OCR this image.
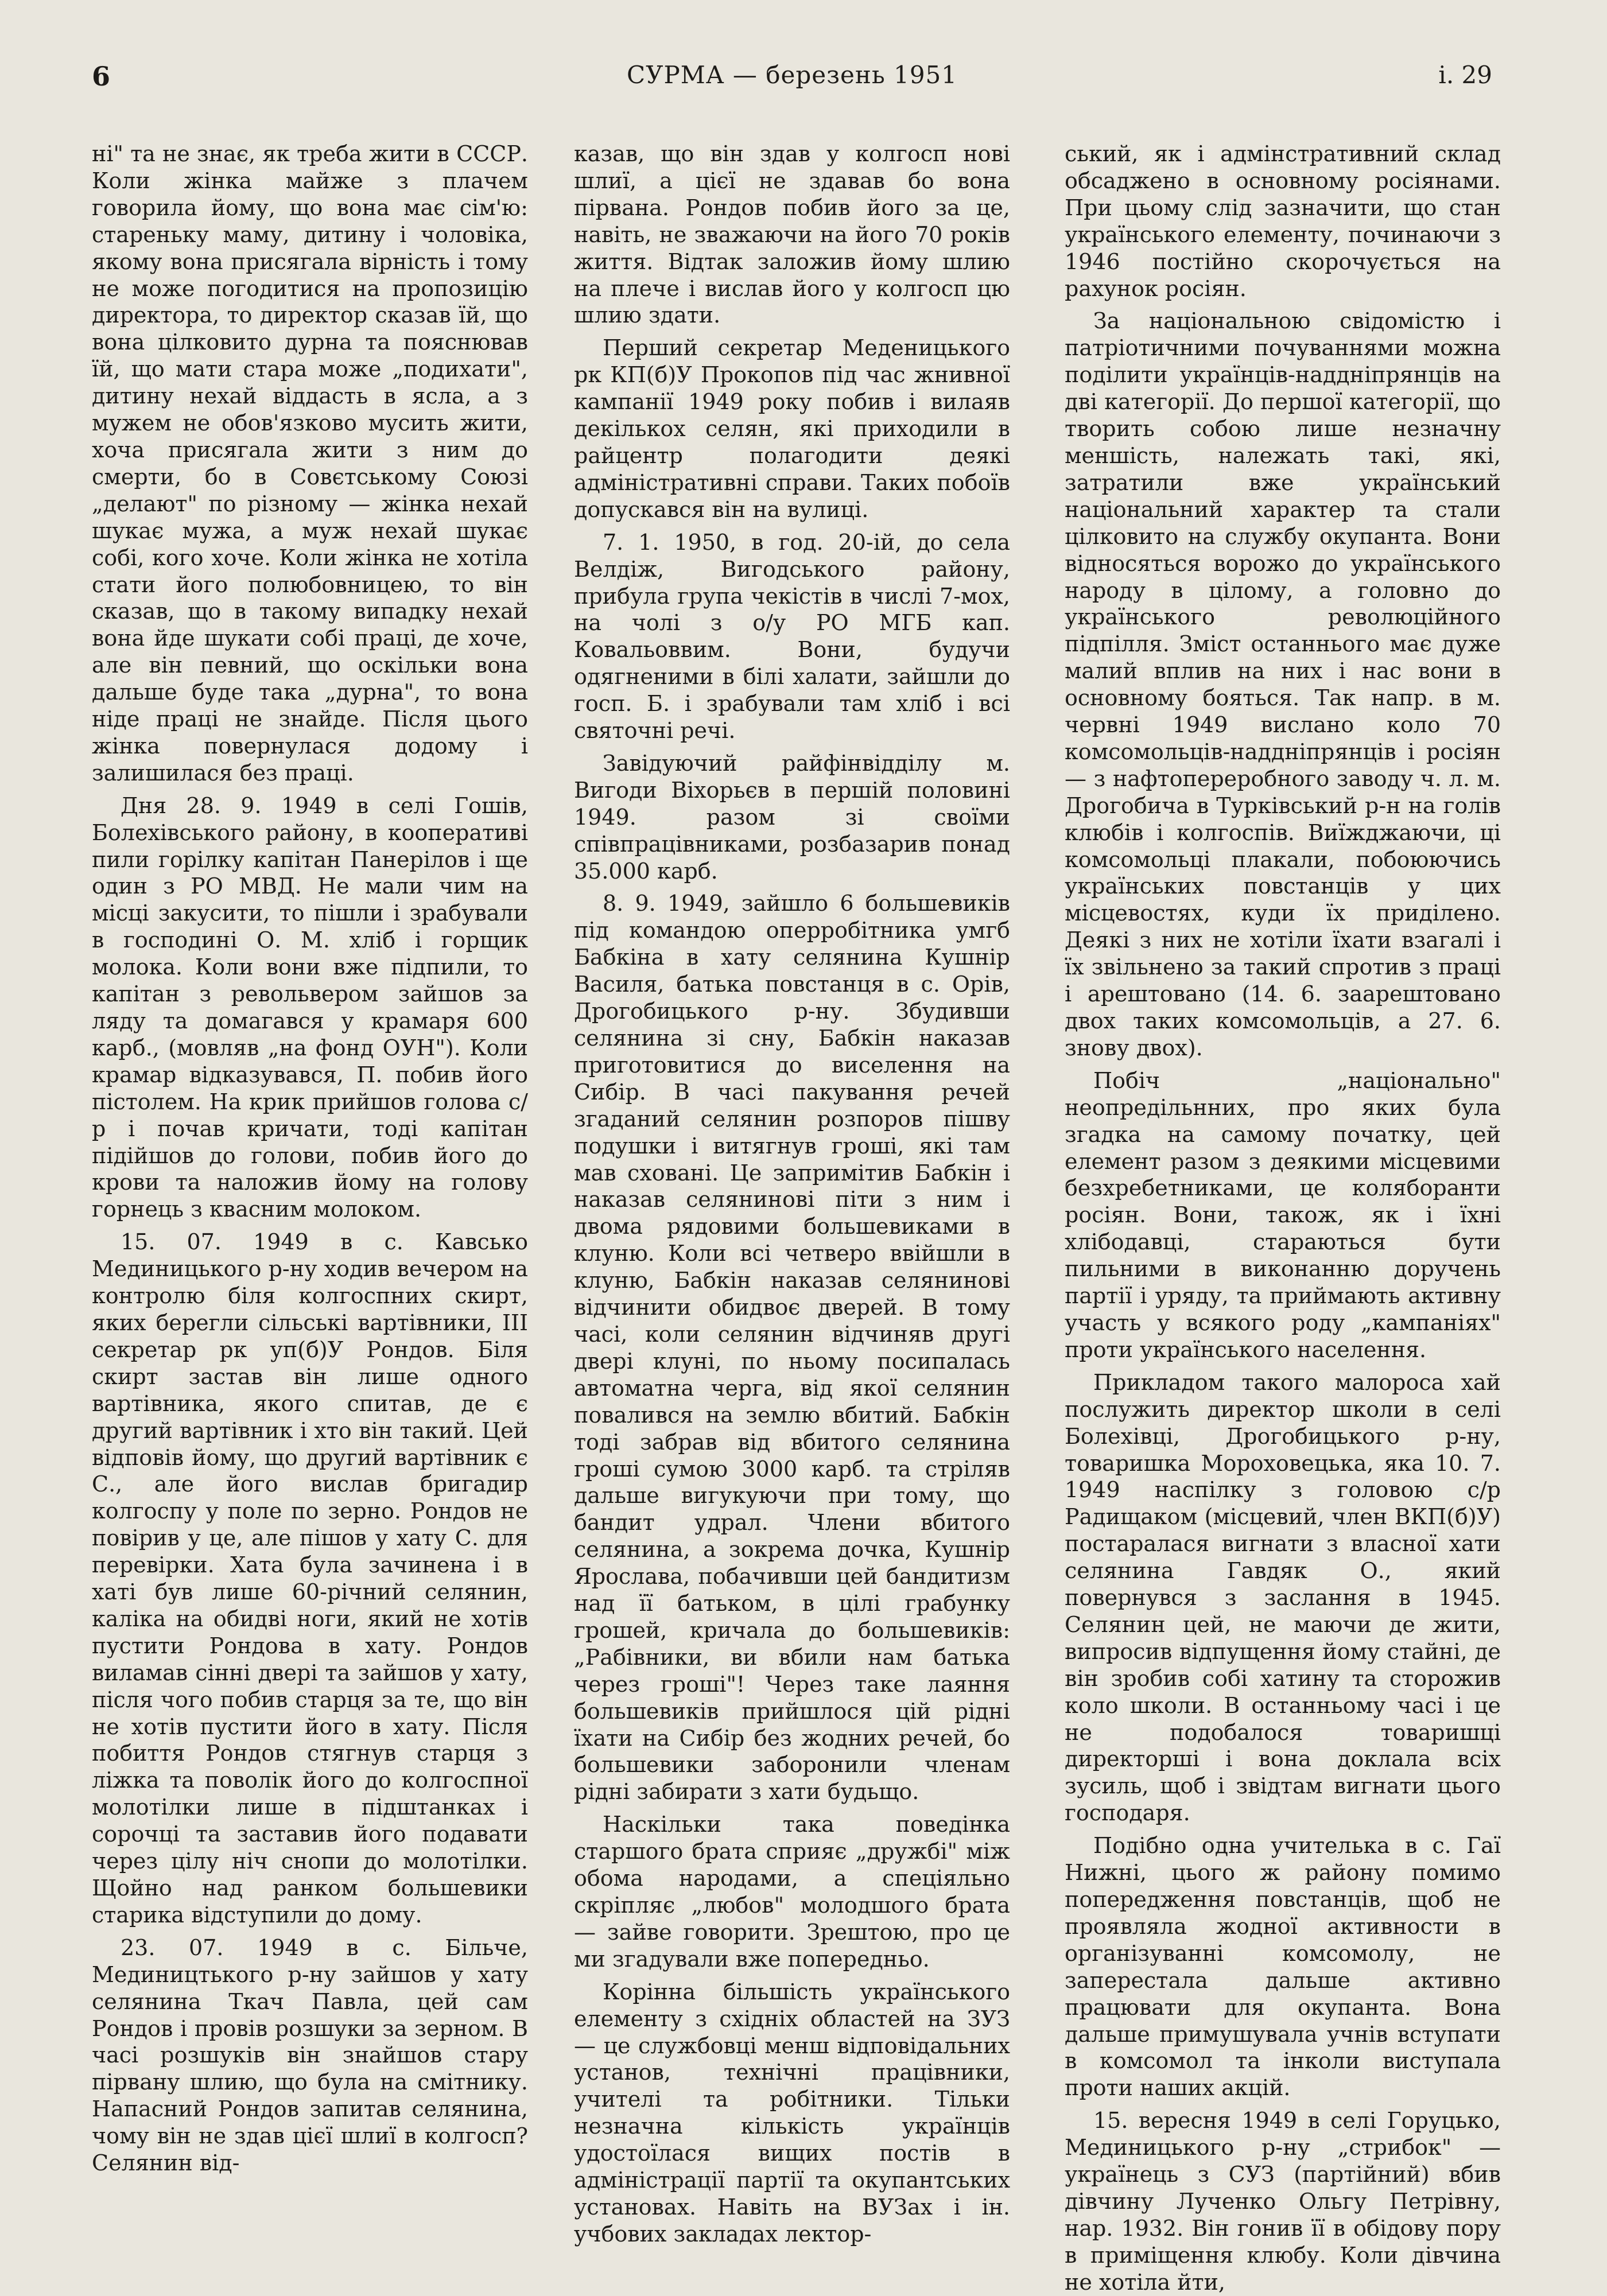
6	СУРМА — березень 1951	і. 29

ні" та не знає, як треба жити в СССР. Коли жінка майже з плачем говорила йому, що вона має сім'ю: стареньку маму, дитину і чоловіка, якому вона присягала вірність і тому не може погодитися на пропозицію директора, то директор сказав їй, що вона цілковито дурна та пояснював їй, що мати стара може „подихати", дитину нехай віддасть в ясла, а з мужем не обов'язково мусить жити, хоча присягала жити з ним до смерти, бо в Совєтському Союзі „делают" по різному — жінка нехай шукає мужа, а муж нехай шукає собі, кого хоче. Коли жінка не хотіла стати його полюбовницею, то він сказав, що в такому випадку нехай вона йде шукати собі праці, де хоче, але він певний, що оскільки вона дальше буде така „дурна", то вона ніде праці не знайде. Після цього жінка повернулася додому і залишилася без праці.

Дня 28. 9. 1949 в селі Гошів, Болехівського району, в кооперативі пили горілку капітан Панерілов і ще один з РО МВД. Не мали чим на місці закусити, то пішли і зрабували в господині О. М. хліб і горщик молока. Коли вони вже підпили, то капітан з револьвером зайшов за ляду та домагався у крамаря 600 карб., (мовляв „на фонд ОУН"). Коли крамар відказувався, П. побив його пістолем. На крик прийшов голова с/р і почав кричати, тоді капітан підійшов до голови, побив його до крови та наложив йому на голову горнець з квасним молоком.

15. 07. 1949 в с. Кавсько Мединицького р-ну ходив вечером на контролю біля колгоспних скирт, яких берегли сільські вартівники, III секретар рк уп(б)У Рондов. Біля скирт застав він лише одного вартівника, якого спитав, де є другий вартівник і хто він такий. Цей відповів йому, що другий вартівник є С., але його вислав бригадир колгоспу у поле по зерно. Рондов не повірив у це, але пішов у хату С. для перевірки. Хата була зачинена і в хаті був лише 60-річний селянин, каліка на обидві ноги, який не хотів пустити Рондова в хату. Рондов виламав сінні двері та зайшов у хату, після чого побив старця за те, що він не хотів пустити його в хату. Після побиття Рондов стягнув старця з ліжка та поволік його до колгоспної молотілки лише в підштанках і сорочці та заставив його подавати через цілу ніч снопи до молотілки. Щойно над ранком большевики старика відступили до дому.

23. 07. 1949 в с. Більче, Медиництького р-ну зайшов у хату селянина Ткач Павла, цей сам Рондов і провів розшуки за зерном. В часі розшуків він знайшов стару пірвану шлию, що була на смітнику. Напасний Рондов запитав селянина, чому він не здав цієї шлиї в колгосп? Селянин від-

казав, що він здав у колгосп нові шлиї, а цієї не здавав бо вона пірвана. Рондов побив його за це, навіть, не зважаючи на його 70 років життя. Відтак заложив йому шлию на плече і вислав його у колгосп цю шлию здати.

Перший секретар Меденицького рк КП(б)У Прокопов під час жнивної кампанії 1949 року побив і вилаяв декількох селян, які приходили в райцентр полагодити деякі адміністративні справи. Таких побоїв допускався він на вулиці.

7. 1. 1950, в год. 20-ій, до села Велдіж, Вигодського району, прибула група чекістів в числі 7-мох, на чолі з о/у РО МГБ кап. Ковальоввим. Вони, будучи одягненими в білі халати, зайшли до госп. Б. і зрабували там хліб і всі святочні речі.

Завідуючий райфінвідділу м. Вигоди Віхорьєв в першій половині 1949. разом зі своїми співпрацівниками, розбазарив понад 35.000 карб.

8. 9. 1949, зайшло 6 большевиків під командою оперробітника умгб Бабкіна в хату селянина Кушнір Василя, батька повстанця в с. Орів, Дрогобицького р-ну. Збудивши селянина зі сну, Бабкін наказав приготовитися до виселення на Сибір. В часі пакування речей згаданий селянин розпоров пішву подушки і витягнув гроші, які там мав сховані. Це запримітив Бабкін і наказав селянинові піти з ним і двома рядовими большевиками в клуню. Коли всі четверо ввійшли в клуню, Бабкін наказав селянинові відчинити обидвоє дверей. В тому часі, коли селянин відчиняв другі двері клуні, по ньому посипалась автоматна черга, від якої селянин повалився на землю вбитий. Бабкін тоді забрав від вбитого селянина гроші сумою 3000 карб. та стріляв дальше вигукуючи при тому, що бандит удрал. Члени вбитого селянина, а зокрема дочка, Кушнір Ярослава, побачивши цей бандитизм над її батьком, в цілі грабунку грошей, кричала до большевиків: „Рабівники, ви вбили нам батька через гроші"! Через таке лаяння большевиків прийшлося цій рідні їхати на Сибір без жодних речей, бо большевики заборонили членам рідні забирати з хати будьщо.

Наскільки така поведінка старшого брата сприяє „дружбі" між обома народами, а спеціяльно скріпляє „любов" молодшого брата — зайве говорити. Зрештою, про це ми згадували вже попередньо.

Корінна більшість українського елементу з східніх областей на ЗУЗ — це службовці менш відповідальних установ, технічні працівники, учителі та робітники. Тільки незначна кількість українців удостоїлася вищих постів в адміністрації партії та окупантських установах. Навіть на ВУЗах і ін. учбових закладах лектор-

ський, як і адмінстративний склад обсаджено в основному росіянами. При цьому слід зазначити, що стан українського елементу, починаючи з 1946 постійно скорочується на рахунок росіян.

За національною свідомістю і патріотичними почуваннями можна поділити українців-наддніпрянців на дві категорії. До першої категорії, що творить собою лише незначну меншість, належать такі, які, затратили вже український національний характер та стали цілковито на службу окупанта. Вони відносяться ворожо до українського народу в цілому, а головно до українського революційного підпілля. Зміст останнього має дуже малий вплив на них і нас вони в основному бояться. Так напр. в м. червні 1949 вислано коло 70 комсомольців-наддніпрянців і росіян — з нафтопереробного заводу ч. л. м. Дрогобича в Турківський р-н на голів клюбів і колгоспів. Виїжджаючи, ці комсомольці плакали, побоюючись українських повстанців у цих місцевостях, куди їх приділено. Деякі з них не хотіли їхати взагалі і їх звільнено за такий спротив з праці і арештовано (14. 6. заарештовано двох таких комсомольців, а 27. 6. знову двох).

Побіч „національно" неопредільнних, про яких була згадка на самому початку, цей елемент разом з деякими місцевими безхребетниками, це коляборанти росіян. Вони, також, як і їхні хлібодавці, стараються бути пильними в виконанню доручень партії і уряду, та приймають активну участь у всякого роду „кампаніях" проти українського населення.

Прикладом такого малороса хай послужить директор школи в селі Болехівці, Дрогобицького р-ну, товаришка Мороховецька, яка 10. 7. 1949 наспілку з головою с/р Радищаком (місцевий, член ВКП(б)У) постаралася вигнати з власної хати селянина Гавдяк О., який повернувся з заслання в 1945. Селянин цей, не маючи де жити, випросив відпущення йому стайні, де він зробив собі хатину та сторожив коло школи. В останньому часі і це не подобалося товаришці директорші і вона доклала всіх зусиль, щоб і звідтам вигнати цього господаря.

Подібно одна учителька в с. Гаї Нижні, цього ж району помимо попередження повстанців, щоб не проявляла жодної активности в організуванні комсомолу, не заперестала дальше активно працювати для окупанта. Вона дальше примушувала учнів вступати в комсомол та інколи виступала проти наших акцій.

15. вересня 1949 в селі Горуцько, Мединицького р-ну „стрибок" — українець з СУЗ (партійний) вбив дівчину Лученко Ольгу Петрівну, нар. 1932. Він гонив її в обідову пору в приміщення клюбу. Коли дівчина не хотіла йти,
